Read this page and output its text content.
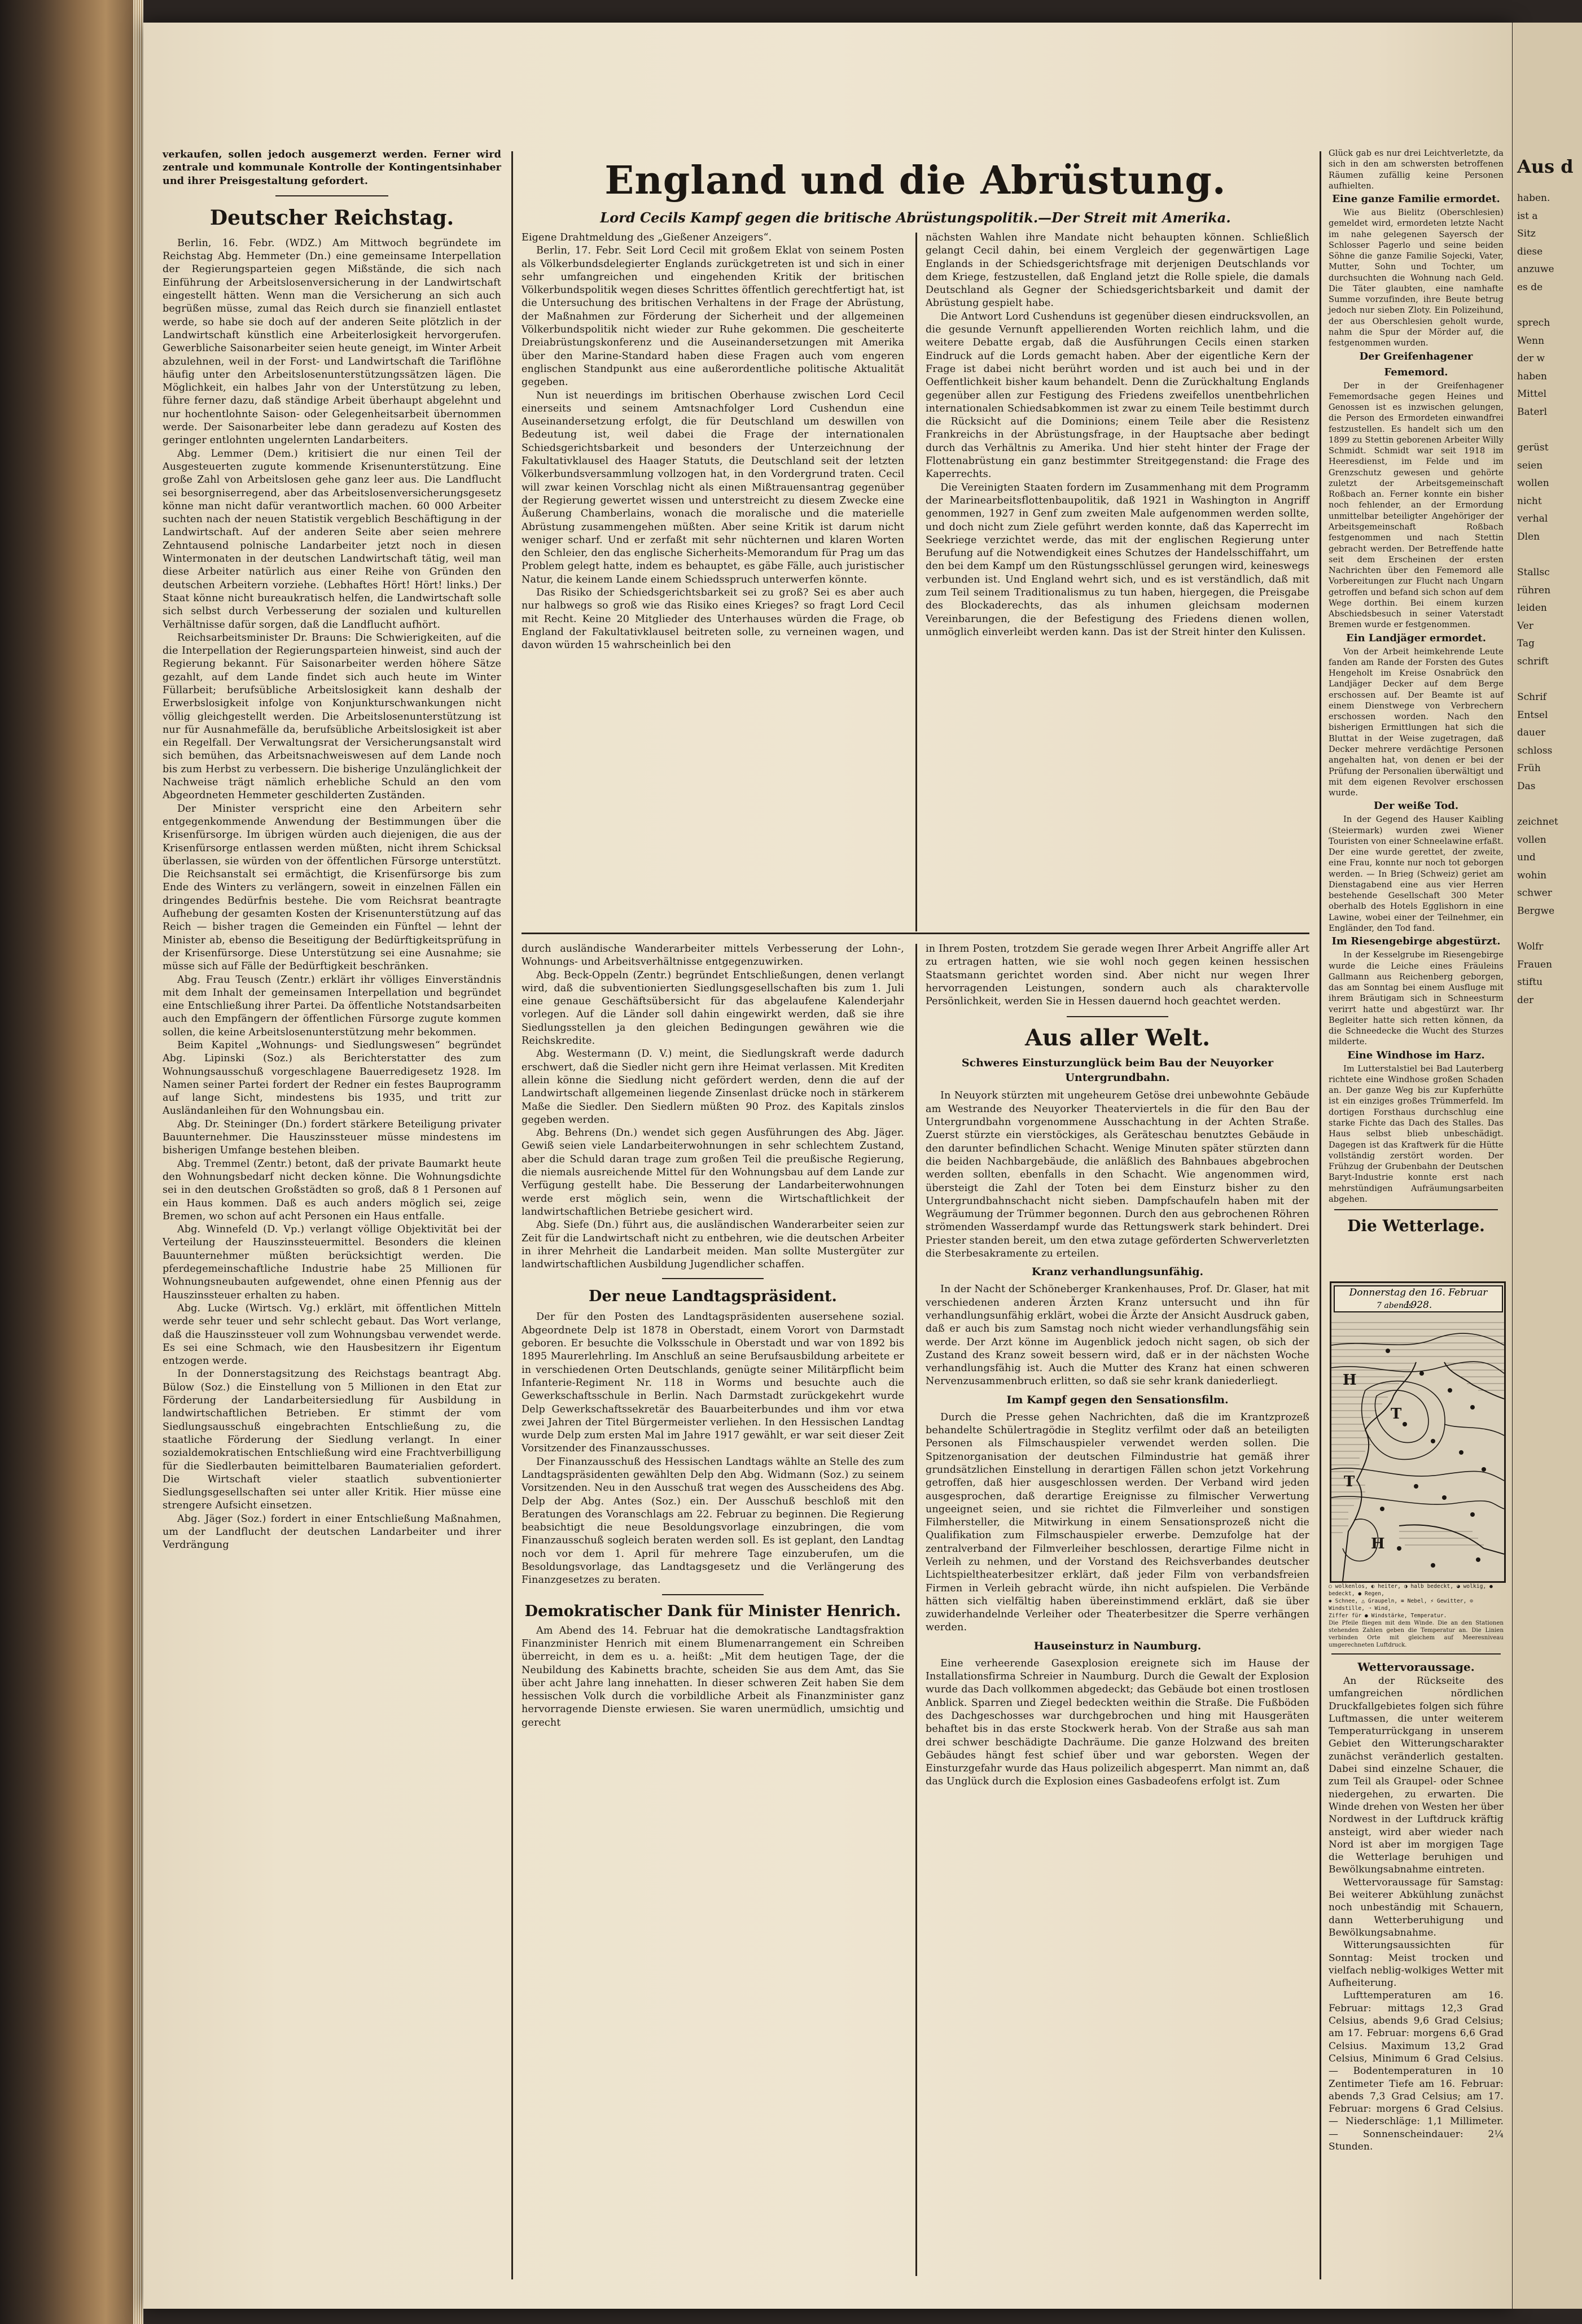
verkaufen, sollen jedoch ausgemerzt werden. Ferner wird zentrale und kommunale Kontrolle der Kontingentsinhaber und ihrer Preisgestaltung gefordert.

Deutscher Reichstag.

Berlin, 16. Febr. (WDZ.) Am Mittwoch begründete im Reichstag Abg. Hemmeter (Dn.) eine gemeinsame Interpellation der Regierungsparteien gegen Mißstände, die sich nach Einführung der Arbeitslosenversicherung in der Landwirtschaft eingestellt hätten. Wenn man die Versicherung an sich auch begrüßen müsse, zumal das Reich durch sie finanziell entlastet werde, so habe sie doch auf der anderen Seite plötzlich in der Landwirtschaft künstlich eine Arbeiterlosigkeit hervorgerufen. Gewerbliche Saisonarbeiter seien heute geneigt, im Winter Arbeit abzulehnen, weil in der Forst- und Landwirtschaft die Tariflöhne häufig unter den Arbeitslosenunterstützungssätzen lägen. Die Möglichkeit, ein halbes Jahr von der Unterstützung zu leben, führe ferner dazu, daß ständige Arbeit überhaupt abgelehnt und nur hochentlohnte Saison- oder Gelegenheitsarbeit übernommen werde. Der Saisonarbeiter lebe dann geradezu auf Kosten des geringer entlohnten ungelernten Landarbeiters.

Abg. Lemmer (Dem.) kritisiert die nur einen Teil der Ausgesteuerten zugute kommende Krisenunterstützung. Eine große Zahl von Arbeitslosen gehe ganz leer aus. Die Landflucht sei besorgniserregend, aber das Arbeitslosenversicherungsgesetz könne man nicht dafür verantwortlich machen. 60 000 Arbeiter suchten nach der neuen Statistik vergeblich Beschäftigung in der Landwirtschaft. Auf der anderen Seite aber seien mehrere Zehntausend polnische Landarbeiter jetzt noch in diesen Wintermonaten in der deutschen Landwirtschaft tätig, weil man diese Arbeiter natürlich aus einer Reihe von Gründen den deutschen Arbeitern vorziehe. (Lebhaftes Hört! Hört! links.) Der Staat könne nicht bureaukratisch helfen, die Landwirtschaft solle sich selbst durch Verbesserung der sozialen und kulturellen Verhältnisse dafür sorgen, daß die Landflucht aufhört.

Reichsarbeitsminister Dr. Brauns: Die Schwierigkeiten, auf die die Interpellation der Regierungsparteien hinweist, sind auch der Regierung bekannt. Für Saisonarbeiter werden höhere Sätze gezahlt, auf dem Lande findet sich auch heute im Winter Füllarbeit; berufsübliche Arbeitslosigkeit kann deshalb der Erwerbslosigkeit infolge von Konjunkturschwankungen nicht völlig gleichgestellt werden. Die Arbeitslosenunterstützung ist nur für Ausnahmefälle da, berufsübliche Arbeitslosigkeit ist aber ein Regelfall. Der Verwaltungsrat der Versicherungsanstalt wird sich bemühen, das Arbeitsnachweiswesen auf dem Lande noch bis zum Herbst zu verbessern. Die bisherige Unzulänglichkeit der Nachweise trägt nämlich erhebliche Schuld an den vom Abgeordneten Hemmeter geschilderten Zuständen.

Der Minister verspricht eine den Arbeitern sehr entgegenkommende Anwendung der Bestimmungen über die Krisenfürsorge. Im übrigen würden auch diejenigen, die aus der Krisenfürsorge entlassen werden müßten, nicht ihrem Schicksal überlassen, sie würden von der öffentlichen Fürsorge unterstützt. Die Reichsanstalt sei ermächtigt, die Krisenfürsorge bis zum Ende des Winters zu verlängern, soweit in einzelnen Fällen ein dringendes Bedürfnis bestehe. Die vom Reichsrat beantragte Aufhebung der gesamten Kosten der Krisenunterstützung auf das Reich — bisher tragen die Gemeinden ein Fünftel — lehnt der Minister ab, ebenso die Beseitigung der Bedürftigkeitsprüfung in der Krisenfürsorge. Diese Unterstützung sei eine Ausnahme; sie müsse sich auf Fälle der Bedürftigkeit beschränken.

Abg. Frau Teusch (Zentr.) erklärt ihr völliges Einverständnis mit dem Inhalt der gemeinsamen Interpellation und begründet eine Entschließung ihrer Partei. Da öffentliche Notstandsarbeiten auch den Empfängern der öffentlichen Fürsorge zugute kommen sollen, die keine Arbeitslosenunterstützung mehr bekommen.

Beim Kapitel „Wohnungs- und Siedlungswesen“ begründet Abg. Lipinski (Soz.) als Berichterstatter des zum Wohnungsausschuß vorgeschlagene Bauerredigesetz 1928. Im Namen seiner Partei fordert der Redner ein festes Bauprogramm auf lange Sicht, mindestens bis 1935, und tritt zur Ausländanleihen für den Wohnungsbau ein.

Abg. Dr. Steininger (Dn.) fordert stärkere Beteiligung privater Bauunternehmer. Die Hauszinssteuer müsse mindestens im bisherigen Umfange bestehen bleiben.

Abg. Tremmel (Zentr.) betont, daß der private Baumarkt heute den Wohnungsbedarf nicht decken könne. Die Wohnungsdichte sei in den deutschen Großstädten so groß, daß 8 1 Personen auf ein Haus kommen. Daß es auch anders möglich sei, zeige Bremen, wo schon auf acht Personen ein Haus entfalle.

Abg. Winnefeld (D. Vp.) verlangt völlige Objektivität bei der Verteilung der Hauszinssteuermittel. Besonders die kleinen Bauunternehmer müßten berücksichtigt werden. Die pferdegemeinschaftliche Industrie habe 25 Millionen für Wohnungsneubauten aufgewendet, ohne einen Pfennig aus der Hauszinssteuer erhalten zu haben.

Abg. Lucke (Wirtsch. Vg.) erklärt, mit öffentlichen Mitteln werde sehr teuer und sehr schlecht gebaut. Das Wort verlange, daß die Hauszinssteuer voll zum Wohnungsbau verwendet werde. Es sei eine Schmach, wie den Hausbesitzern ihr Eigentum entzogen werde.

In der Donnerstagsitzung des Reichstags beantragt Abg. Bülow (Soz.) die Einstellung von 5 Millionen in den Etat zur Förderung der Landarbeitersiedlung für Ausbildung in landwirtschaftlichen Betrieben. Er stimmt der vom Siedlungsausschuß eingebrachten Entschließung zu, die staatliche Förderung der Siedlung verlangt. In einer sozialdemokratischen Entschließung wird eine Frachtverbilligung für die Siedlerbauten beimittelbaren Baumaterialien gefordert. Die Wirtschaft vieler staatlich subventionierter Siedlungsgesellschaften sei unter aller Kritik. Hier müsse eine strengere Aufsicht einsetzen.

Abg. Jäger (Soz.) fordert in einer Entschließung Maßnahmen, um der Landflucht der deutschen Landarbeiter und ihrer Verdrängung

England und die Abrüstung.

Lord Cecils Kampf gegen die britische Abrüstungspolitik.—Der Streit mit Amerika.

Eigene Drahtmeldung des „Gießener Anzeigers“.

Berlin, 17. Febr. Seit Lord Cecil mit großem Eklat von seinem Posten als Völkerbundsdelegierter Englands zurückgetreten ist und sich in einer sehr umfangreichen und eingehenden Kritik der britischen Völkerbundspolitik wegen dieses Schrittes öffentlich gerechtfertigt hat, ist die Untersuchung des britischen Verhaltens in der Frage der Abrüstung, der Maßnahmen zur Förderung der Sicherheit und der allgemeinen Völkerbundspolitik nicht wieder zur Ruhe gekommen. Die gescheiterte Dreiabrüstungskonferenz und die Auseinandersetzungen mit Amerika über den Marine-Standard haben diese Fragen auch vom engeren englischen Standpunkt aus eine außerordentliche politische Aktualität gegeben.

Nun ist neuerdings im britischen Oberhause zwischen Lord Cecil einerseits und seinem Amtsnachfolger Lord Cushendun eine Auseinandersetzung erfolgt, die für Deutschland um deswillen von Bedeutung ist, weil dabei die Frage der internationalen Schiedsgerichtsbarkeit und besonders der Unterzeichnung der Fakultativklausel des Haager Statuts, die Deutschland seit der letzten Völkerbundsversammlung vollzogen hat, in den Vordergrund traten. Cecil will zwar keinen Vorschlag nicht als einen Mißtrauensantrag gegenüber der Regierung gewertet wissen und unterstreicht zu diesem Zwecke eine Äußerung Chamberlains, wonach die moralische und die materielle Abrüstung zusammengehen müßten. Aber seine Kritik ist darum nicht weniger scharf. Und er zerfaßt mit sehr nüchternen und klaren Worten den Schleier, den das englische Sicherheits-Memorandum für Prag um das Problem gelegt hatte, indem es behauptet, es gäbe Fälle, auch juristischer Natur, die keinem Lande einem Schiedsspruch unterwerfen könnte.

Das Risiko der Schiedsgerichtsbarkeit sei zu groß? Sei es aber auch nur halbwegs so groß wie das Risiko eines Krieges? so fragt Lord Cecil mit Recht. Keine 20 Mitglieder des Unterhauses würden die Frage, ob England der Fakultativklausel beitreten solle, zu verneinen wagen, und davon würden 15 wahrscheinlich bei den

nächsten Wahlen ihre Mandate nicht behaupten können. Schließlich gelangt Cecil dahin, bei einem Vergleich der gegenwärtigen Lage Englands in der Schiedsgerichtsfrage mit derjenigen Deutschlands vor dem Kriege, festzustellen, daß England jetzt die Rolle spiele, die damals Deutschland als Gegner der Schiedsgerichtsbarkeit und damit der Abrüstung gespielt habe.

Die Antwort Lord Cushenduns ist gegenüber diesen eindrucksvollen, an die gesunde Vernunft appellierenden Worten reichlich lahm, und die weitere Debatte ergab, daß die Ausführungen Cecils einen starken Eindruck auf die Lords gemacht haben. Aber der eigentliche Kern der Frage ist dabei nicht berührt worden und ist auch bei und in der Oeffentlichkeit bisher kaum behandelt. Denn die Zurückhaltung Englands gegenüber allen zur Festigung des Friedens zweifellos unentbehrlichen internationalen Schiedsabkommen ist zwar zu einem Teile bestimmt durch die Rücksicht auf die Dominions; einem Teile aber die Resistenz Frankreichs in der Abrüstungsfrage, in der Hauptsache aber bedingt durch das Verhältnis zu Amerika. Und hier steht hinter der Frage der Flottenabrüstung ein ganz bestimmter Streitgegenstand: die Frage des Kaperrechts.

Die Vereinigten Staaten fordern im Zusammenhang mit dem Programm der Marinearbeitsflottenbaupolitik, daß 1921 in Washington in Angriff genommen, 1927 in Genf zum zweiten Male aufgenommen werden sollte, und doch nicht zum Ziele geführt werden konnte, daß das Kaperrecht im Seekriege verzichtet werde, das mit der englischen Regierung unter Berufung auf die Notwendigkeit eines Schutzes der Handelsschiffahrt, um den bei dem Kampf um den Rüstungsschlüssel gerungen wird, keineswegs verbunden ist. Und England wehrt sich, und es ist verständlich, daß mit zum Teil seinem Traditionalismus zu tun haben, hiergegen, die Preisgabe des Blockaderechts, das als inhumen gleichsam modernen Vereinbarungen, die der Befestigung des Friedens dienen wollen, unmöglich einverleibt werden kann. Das ist der Streit hinter den Kulissen.

durch ausländische Wanderarbeiter mittels Verbesserung der Lohn-, Wohnungs- und Arbeitsverhältnisse entgegenzuwirken.

Abg. Beck-Oppeln (Zentr.) begründet Entschließungen, denen verlangt wird, daß die subventionierten Siedlungsgesellschaften bis zum 1. Juli eine genaue Geschäftsübersicht für das abgelaufene Kalenderjahr vorlegen. Auf die Länder soll dahin eingewirkt werden, daß sie ihre Siedlungsstellen ja den gleichen Bedingungen gewähren wie die Reichskredite.

Abg. Westermann (D. V.) meint, die Siedlungskraft werde dadurch erschwert, daß die Siedler nicht gern ihre Heimat verlassen. Mit Krediten allein könne die Siedlung nicht gefördert werden, denn die auf der Landwirtschaft allgemeinen liegende Zinsenlast drücke noch in stärkerem Maße die Siedler. Den Siedlern müßten 90 Proz. des Kapitals zinslos gegeben werden.

Abg. Behrens (Dn.) wendet sich gegen Ausführungen des Abg. Jäger. Gewiß seien viele Landarbeiterwohnungen in sehr schlechtem Zustand, aber die Schuld daran trage zum großen Teil die preußische Regierung, die niemals ausreichende Mittel für den Wohnungsbau auf dem Lande zur Verfügung gestellt habe. Die Besserung der Landarbeiterwohnungen werde erst möglich sein, wenn die Wirtschaftlichkeit der landwirtschaftlichen Betriebe gesichert wird.

Abg. Siefe (Dn.) führt aus, die ausländischen Wanderarbeiter seien zur Zeit für die Landwirtschaft nicht zu entbehren, wie die deutschen Arbeiter in ihrer Mehrheit die Landarbeit meiden. Man sollte Mustergüter zur landwirtschaftlichen Ausbildung Jugendlicher schaffen.

Der neue Landtagspräsident.

Der für den Posten des Landtagspräsidenten ausersehene sozial. Abgeordnete Delp ist 1878 in Oberstadt, einem Vorort von Darmstadt geboren. Er besuchte die Volksschule in Oberstadt und war von 1892 bis 1895 Maurerlehrling. Im Anschluß an seine Berufsausbildung arbeitete er in verschiedenen Orten Deutschlands, genügte seiner Militärpflicht beim Infanterie-Regiment Nr. 118 in Worms und besuchte auch die Gewerkschaftsschule in Berlin. Nach Darmstadt zurückgekehrt wurde Delp Gewerkschaftssekretär des Bauarbeiterbundes und ihm vor etwa zwei Jahren der Titel Bürgermeister verliehen. In den Hessischen Landtag wurde Delp zum ersten Mal im Jahre 1917 gewählt, er war seit dieser Zeit Vorsitzender des Finanzausschusses.

Der Finanzausschuß des Hessischen Landtags wählte an Stelle des zum Landtagspräsidenten gewählten Delp den Abg. Widmann (Soz.) zu seinem Vorsitzenden. Neu in den Ausschuß trat wegen des Ausscheidens des Abg. Delp der Abg. Antes (Soz.) ein. Der Ausschuß beschloß mit den Beratungen des Voranschlags am 22. Februar zu beginnen. Die Regierung beabsichtigt die neue Besoldungsvorlage einzubringen, die vom Finanzausschuß sogleich beraten werden soll. Es ist geplant, den Landtag noch vor dem 1. April für mehrere Tage einzuberufen, um die Besoldungsvorlage, das Landtagsgesetz und die Verlängerung des Finanzgesetzes zu beraten.

Demokratischer Dank für Minister Henrich.

Am Abend des 14. Februar hat die demokratische Landtagsfraktion Finanzminister Henrich mit einem Blumenarrangement ein Schreiben überreicht, in dem es u. a. heißt: „Mit dem heutigen Tage, der die Neubildung des Kabinetts brachte, scheiden Sie aus dem Amt, das Sie über acht Jahre lang innehatten. In dieser schweren Zeit haben Sie dem hessischen Volk durch die vorbildliche Arbeit als Finanzminister ganz hervorragende Dienste erwiesen. Sie waren unermüdlich, umsichtig und gerecht

in Ihrem Posten, trotzdem Sie gerade wegen Ihrer Arbeit Angriffe aller Art zu ertragen hatten, wie sie wohl noch gegen keinen hessischen Staatsmann gerichtet worden sind. Aber nicht nur wegen Ihrer hervorragenden Leistungen, sondern auch als charaktervolle Persönlichkeit, werden Sie in Hessen dauernd hoch geachtet werden.

Aus aller Welt.

Schweres Einsturzunglück beim Bau der Neuyorker Untergrundbahn.

In Neuyork stürzten mit ungeheurem Getöse drei unbewohnte Gebäude am Westrande des Neuyorker Theaterviertels in die für den Bau der Untergrundbahn vorgenommene Ausschachtung in der Achten Straße. Zuerst stürzte ein vierstöckiges, als Geräteschau benutztes Gebäude in den darunter befindlichen Schacht. Wenige Minuten später stürzten dann die beiden Nachbargebäude, die anläßlich des Bahnbaues abgebrochen werden sollten, ebenfalls in den Schacht. Wie angenommen wird, übersteigt die Zahl der Toten bei dem Einsturz bisher zu den Untergrundbahnschacht nicht sieben. Dampfschaufeln haben mit der Wegräumung der Trümmer begonnen. Durch den aus gebrochenen Röhren strömenden Wasserdampf wurde das Rettungswerk stark behindert. Drei Priester standen bereit, um den etwa zutage geförderten Schwerverletzten die Sterbesakramente zu erteilen.

Kranz verhandlungsunfähig.

In der Nacht der Schöneberger Krankenhauses, Prof. Dr. Glaser, hat mit verschiedenen anderen Ärzten Kranz untersucht und ihn für verhandlungsunfähig erklärt, wobei die Ärzte der Ansicht Ausdruck gaben, daß er auch bis zum Samstag noch nicht wieder verhandlungsfähig sein werde. Der Arzt könne im Augenblick jedoch nicht sagen, ob sich der Zustand des Kranz soweit bessern wird, daß er in der nächsten Woche verhandlungsfähig ist. Auch die Mutter des Kranz hat einen schweren Nervenzusammenbruch erlitten, so daß sie sehr krank daniederliegt.

Im Kampf gegen den Sensationsfilm.

Durch die Presse gehen Nachrichten, daß die im Krantzprozeß behandelte Schülertragödie in Steglitz verfilmt oder daß an beteiligten Personen als Filmschauspieler verwendet werden sollen. Die Spitzenorganisation der deutschen Filmindustrie hat gemäß ihrer grundsätzlichen Einstellung in derartigen Fällen schon jetzt Vorkehrung getroffen, daß hier ausgeschlossen werden. Der Verband wird jeden ausgesprochen, daß derartige Ereignisse zu filmischer Verwertung ungeeignet seien, und sie richtet die Filmverleiher und sonstigen Filmhersteller, die Mitwirkung in einem Sensationsprozeß nicht die Qualifikation zum Filmschauspieler erwerbe. Demzufolge hat der zentralverband der Filmverleiher beschlossen, derartige Filme nicht in Verleih zu nehmen, und der Vorstand des Reichsverbandes deutscher Lichtspieltheaterbesitzer erklärt, daß jeder Film von verbandsfreien Firmen in Verleih gebracht würde, ihn nicht aufspielen. Die Verbände hätten sich vielfältig haben übereinstimmend erklärt, daß sie über zuwiderhandelnde Verleiher oder Theaterbesitzer die Sperre verhängen werden.

Hauseinsturz in Naumburg.

Eine verheerende Gasexplosion ereignete sich im Hause der Installationsfirma Schreier in Naumburg. Durch die Gewalt der Explosion wurde das Dach vollkommen abgedeckt; das Gebäude bot einen trostlosen Anblick. Sparren und Ziegel bedeckten weithin die Straße. Die Fußböden des Dachgeschosses war durchgebrochen und hing mit Hausgeräten behaftet bis in das erste Stockwerk herab. Von der Straße aus sah man drei schwer beschädigte Dachräume. Die ganze Holzwand des breiten Gebäudes hängt fest schief über und war geborsten. Wegen der Einsturzgefahr wurde das Haus polizeilich abgesperrt. Man nimmt an, daß das Unglück durch die Explosion eines Gasbadeofens erfolgt ist. Zum

Glück gab es nur drei Leichtverletzte, da sich in den am schwersten betroffenen Räumen zufällig keine Personen aufhielten.

Eine ganze Familie ermordet.

Wie aus Bielitz (Oberschlesien) gemeldet wird, ermordeten letzte Nacht im nahe gelegenen Sayersch der Schlosser Pagerlo und seine beiden Söhne die ganze Familie Sojecki, Vater, Mutter, Sohn und Tochter, um durchsuchten die Wohnung nach Geld. Die Täter glaubten, eine namhafte Summe vorzufinden, ihre Beute betrug jedoch nur sieben Zloty. Ein Polizeihund, der aus Oberschlesien geholt wurde, nahm die Spur der Mörder auf, die festgenommen wurden.

Der Greifenhagener Fememord.

Der in der Greifenhagener Fememordsache gegen Heines und Genossen ist es inzwischen gelungen, die Person des Ermordeten einwandfrei festzustellen. Es handelt sich um den 1899 zu Stettin geborenen Arbeiter Willy Schmidt. Schmidt war seit 1918 im Heeresdienst, im Felde und im Grenzschutz gewesen und gehörte zuletzt der Arbeitsgemeinschaft Roßbach an. Ferner konnte ein bisher noch fehlender, an der Ermordung unmittelbar beteiligter Angehöriger der Arbeitsgemeinschaft Roßbach festgenommen und nach Stettin gebracht werden. Der Betreffende hatte seit dem Erscheinen der ersten Nachrichten über den Fememord alle Vorbereitungen zur Flucht nach Ungarn getroffen und befand sich schon auf dem Wege dorthin. Bei einem kurzen Abschiedsbesuch in seiner Vaterstadt Bremen wurde er festgenommen.

Ein Landjäger ermordet.

Von der Arbeit heimkehrende Leute fanden am Rande der Forsten des Gutes Hengeholt im Kreise Osnabrück den Landjäger Decker auf dem Berge erschossen auf. Der Beamte ist auf einem Dienstwege von Verbrechern erschossen worden. Nach den bisherigen Ermittlungen hat sich die Bluttat in der Weise zugetragen, daß Decker mehrere verdächtige Personen angehalten hat, von denen er bei der Prüfung der Personalien überwältigt und mit dem eigenen Revolver erschossen wurde.

Der weiße Tod.

In der Gegend des Hauser Kaibling (Steiermark) wurden zwei Wiener Touristen von einer Schneelawine erfaßt. Der eine wurde gerettet, der zweite, eine Frau, konnte nur noch tot geborgen werden. — In Brieg (Schweiz) geriet am Dienstagabend eine aus vier Herren bestehende Gesellschaft 300 Meter oberhalb des Hotels Egglishorn in eine Lawine, wobei einer der Teilnehmer, ein Engländer, den Tod fand.

Im Riesengebirge abgestürzt.

In der Kesselgrube im Riesengebirge wurde die Leiche eines Fräuleins Gallmann aus Reichenberg geborgen, das am Sonntag bei einem Ausfluge mit ihrem Bräutigam sich in Schneesturm verirrt hatte und abgestürzt war. Ihr Begleiter hatte sich retten können, da die Schneedecke die Wucht des Sturzes milderte.

Eine Windhose im Harz.

Im Lutterstalstiel bei Bad Lauterberg richtete eine Windhose großen Schaden an. Der ganze Weg bis zur Kupferhütte ist ein einziges großes Trümmerfeld. Im dortigen Forsthaus durchschlug eine starke Fichte das Dach des Stalles. Das Haus selbst blieb unbeschädigt. Dagegen ist das Kraftwerk für die Hütte vollständig zerstört worden. Der Frühzug der Grubenbahn der Deutschen Baryt-Industrie konnte erst nach mehrstündigen Aufräumungsarbeiten abgehen.

Die Wetterlage.

H
T
T
H
Donnerstag den 16. Februar 1928.
7 abends

○ wolkenlos, ◐ heiter, ◑ halb bedeckt, ◕ wolkig, ● bedeckt, ● Regen,

✱ Schnee, △ Graupeln, ≡ Nebel, ⚡ Gewitter, ⊙ Windstille, ➝ Wind,

Ziffer für ● Windstärke, Temperatur.

Die Pfeile fliegen mit dem Winde. Die an den Stationen stehenden Zahlen geben die Temperatur an. Die Linien verbinden Orte mit gleichem auf Meeresniveau umgerechneten Luftdruck.

Wettervoraussage.

An der Rückseite des umfangreichen nördlichen Druckfallgebietes folgen sich führe Luftmassen, die unter weiterem Temperaturrückgang in unserem Gebiet den Witterungscharakter zunächst veränderlich gestalten. Dabei sind einzelne Schauer, die zum Teil als Graupel- oder Schnee niedergehen, zu erwarten. Die Winde drehen von Westen her über Nordwest in der Luftdruck kräftig ansteigt, wird aber wieder nach Nord ist aber im morgigen Tage die Wetterlage beruhigen und Bewölkungsabnahme eintreten.

Wettervoraussage für Samstag: Bei weiterer Abkühlung zunächst noch unbeständig mit Schauern, dann Wetterberuhigung und Bewölkungsabnahme.

Witterungsaussichten für Sonntag: Meist trocken und vielfach neblig-wolkiges Wetter mit Aufheiterung.

Lufttemperaturen am 16. Februar: mittags 12,3 Grad Celsius, abends 9,6 Grad Celsius; am 17. Februar: morgens 6,6 Grad Celsius. Maximum 13,2 Grad Celsius, Minimum 6 Grad Celsius. — Bodentemperaturen in 10 Zentimeter Tiefe am 16. Februar: abends 7,3 Grad Celsius; am 17. Februar: morgens 6 Grad Celsius. — Niederschläge: 1,1 Millimeter. — Sonnenscheindauer: 2¼ Stunden.

Aus d

haben.
ist a
Sitz
diese
anzuwe
es de
sprech
Wenn
der w
haben
Mittel
Baterl
gerüst
seien
wollen
nicht
verhal
Dlen
Stallsc
rühren
leiden
Ver
Tag
schrift
Schrif
Entsel
dauer
schloss
Früh
Das
zeichnet
vollen
und
wohin
schwer
Bergwe
Wolfr
Frauen
stiftu
der
